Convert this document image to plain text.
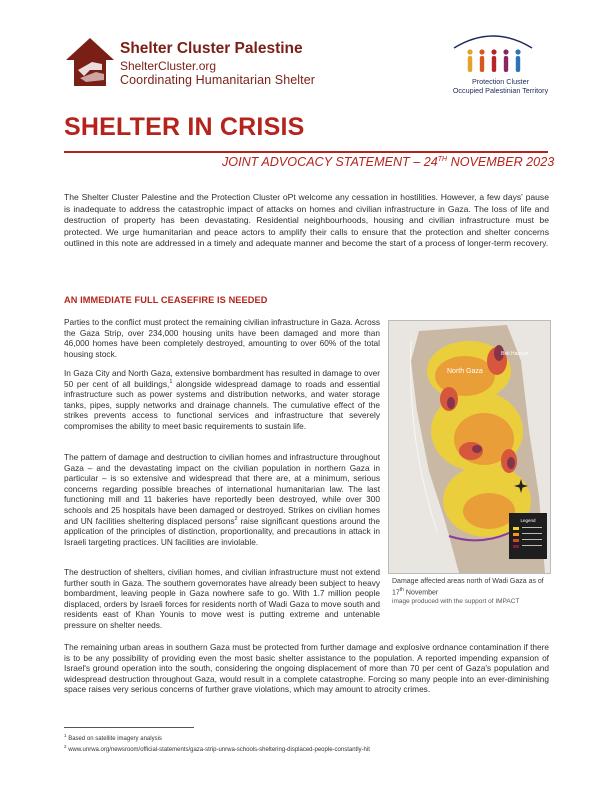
Shelter Cluster Palestine
ShelterCluster.org
Coordinating Humanitarian Shelter	Protection Cluster
Occupied Palestinian Territory
SHELTER IN CRISIS
JOINT ADVOCACY STATEMENT – 24TH NOVEMBER 2023
The Shelter Cluster Palestine and the Protection Cluster oPt welcome any cessation in hostilities. However, a few days' pause is inadequate to address the catastrophic impact of attacks on homes and civilian infrastructure in Gaza. The loss of life and destruction of property has been devastating. Residential neighbourhoods, housing and civilian infrastructure must be protected. We urge humanitarian and peace actors to amplify their calls to ensure that the protection and shelter concerns outlined in this note are addressed in a timely and adequate manner and become the start of a process of longer-term recovery.
AN IMMEDIATE FULL CEASEFIRE IS NEEDED
Parties to the conflict must protect the remaining civilian infrastructure in Gaza. Across the Gaza Strip, over 234,000 housing units have been damaged and more than 46,000 homes have been completely destroyed, amounting to over 60% of the total housing stock.
In Gaza City and North Gaza, extensive bombardment has resulted in damage to over 50 per cent of all buildings,$^1$ alongside widespread damage to roads and essential infrastructure such as power systems and distribution networks, and water storage tanks, pipes, supply networks and drainage channels. The cumulative effect of the strikes prevents access to functional services and infrastructure that severely compromises the ability to meet basic requirements to sustain life.
The pattern of damage and destruction to civilian homes and infrastructure throughout Gaza – and the devastating impact on the civilian population in northern Gaza in particular – is so extensive and widespread that there are, at a minimum, serious concerns regarding possible breaches of international humanitarian law. The last functioning mill and 11 bakeries have reportedly been destroyed, while over 300 schools and 25 hospitals have been damaged or destroyed. Strikes on civilian homes and UN facilities sheltering displaced persons$^2$ raise significant questions around the application of the principles of distinction, proportionality, and precautions in attack in Israeli targeting practices. UN facilities are inviolable.
The destruction of shelters, civilian homes, and civilian infrastructure must not extend further south in Gaza. The southern governorates have already been subject to heavy bombardment, leaving people in Gaza nowhere safe to go. With 1.7 million people displaced, orders by Israeli forces for residents north of Wadi Gaza to move south and residents east of Khan Younis to move west is putting extreme and untenable pressure on shelter needs.
The remaining urban areas in southern Gaza must be protected from further damage and explosive ordnance contamination if there is to be any possibility of providing even the most basic shelter assistance to the population. A reported impending expansion of Israel's ground operation into the south, considering the ongoing displacement of more than 70 per cent of Gaza's population and widespread destruction throughout Gaza, would result in a complete catastrophe. Forcing so many people into an ever-diminishing space raises very serious concerns of further grave violations, which may amount to atrocity crimes.
Legend
North Gaza
Beit Hanoun
Damage affected areas north of Wadi Gaza as of 17th November
image produced with the support of IMPACT
$^1$ Based on satellite imagery analysis
$^2$ www.unrwa.org/newsroom/official-statements/gaza-strip-unrwa-schools-sheltering-displaced-people-constantly-hit
